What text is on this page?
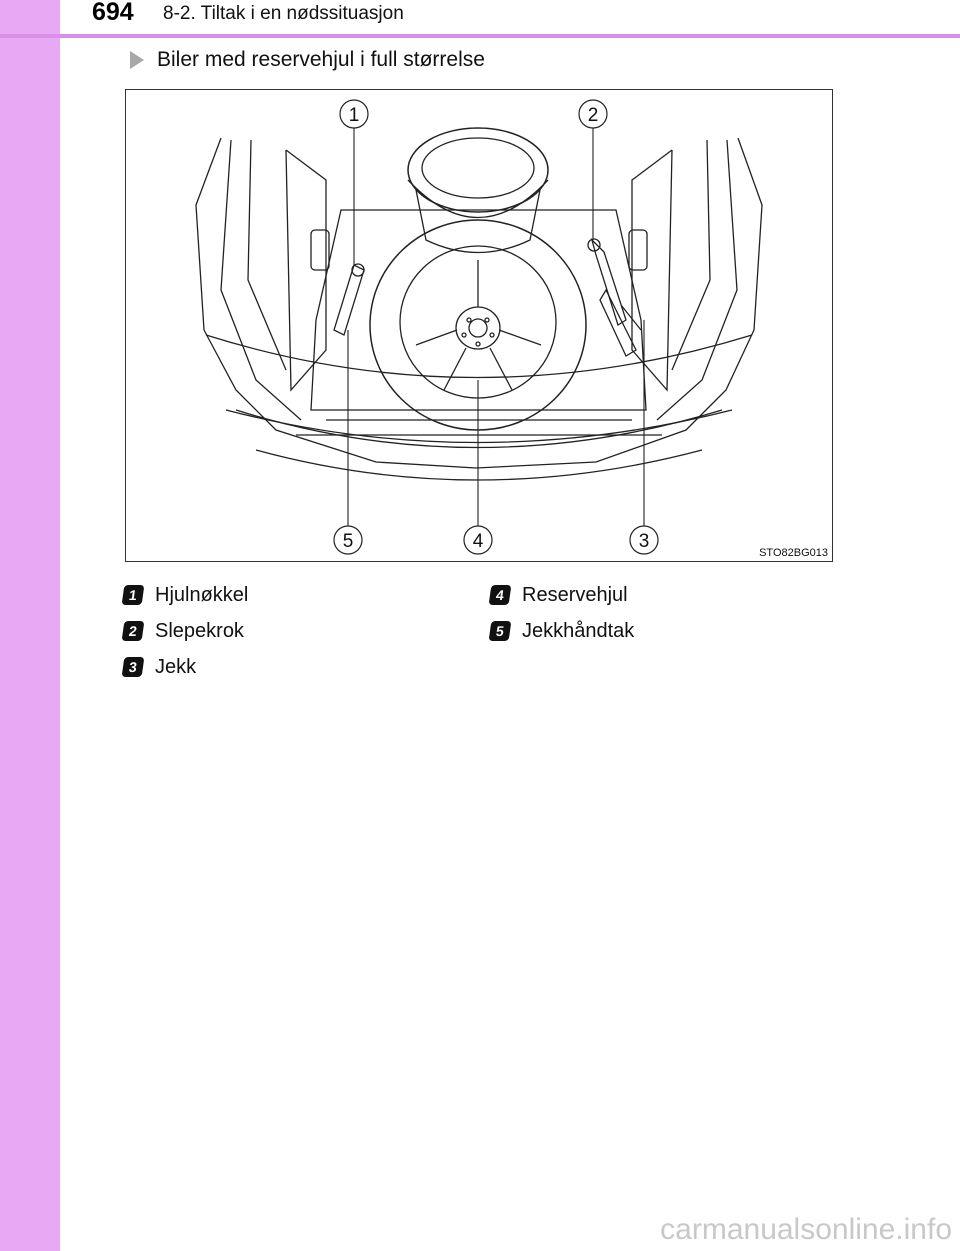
694 8-2. Tiltak i en nødssituasjon
Biler med reservehjul i full størrelse
1	2
3
4
5
STO82BG013
1 Hjulnøkkel
2 Slepekrok
3 Jekk
4 Reservehjul
5 Jekkhåndtak
carmanualsonline.info
